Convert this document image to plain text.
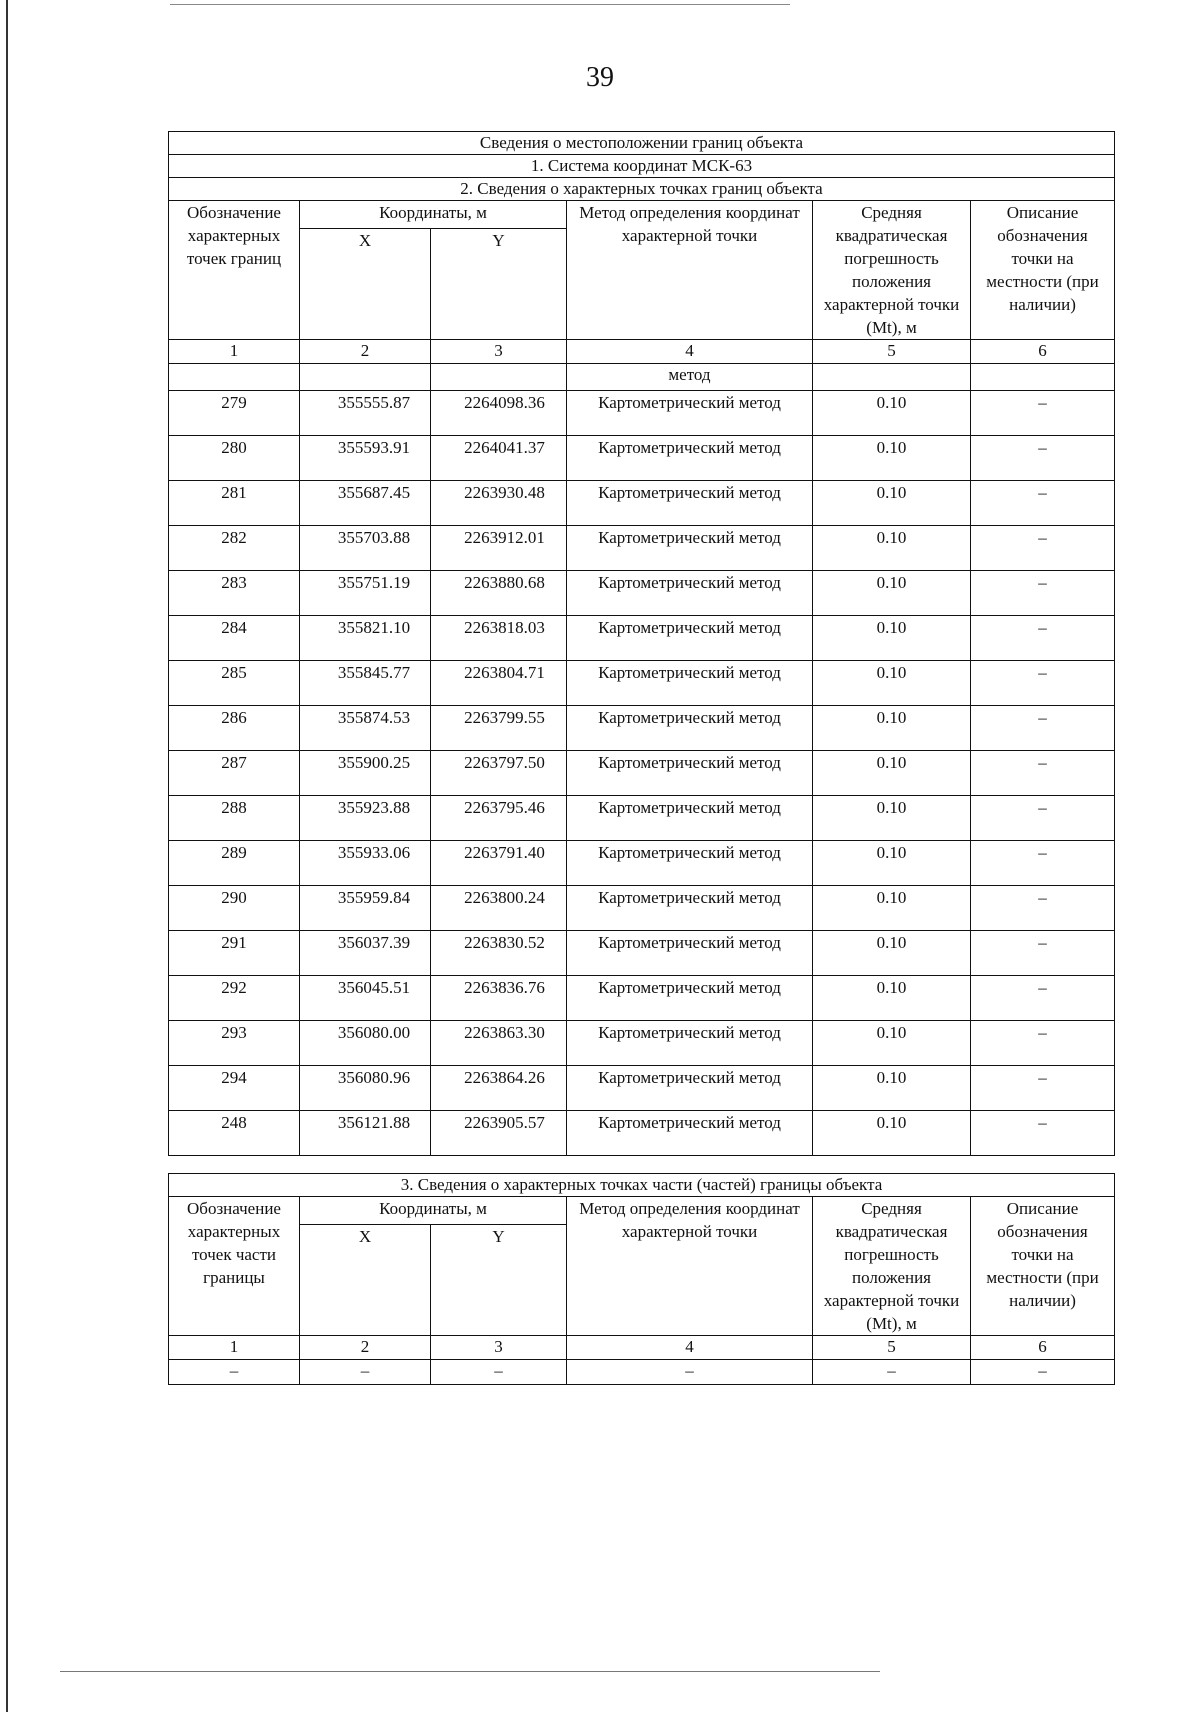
39
Сведения о местоположении границ объекта					
1. Система координат МСК-63					
2. Сведения о характерных точках границ объекта					
Обозначение характерных точек границ	Координаты, м		Метод определения координат характерной точки	Средняя квадратическая погрешность положения характерной точки (Mt), м	Описание обозначения точки на местности (при наличии)
	X	Y			
1	2	3	4	5	6
			метод		
279	355555.87	2264098.36	Картометрический метод	0.10	–
280	355593.91	2264041.37	Картометрический метод	0.10	–
281	355687.45	2263930.48	Картометрический метод	0.10	–
282	355703.88	2263912.01	Картометрический метод	0.10	–
283	355751.19	2263880.68	Картометрический метод	0.10	–
284	355821.10	2263818.03	Картометрический метод	0.10	–
285	355845.77	2263804.71	Картометрический метод	0.10	–
286	355874.53	2263799.55	Картометрический метод	0.10	–
287	355900.25	2263797.50	Картометрический метод	0.10	–
288	355923.88	2263795.46	Картометрический метод	0.10	–
289	355933.06	2263791.40	Картометрический метод	0.10	–
290	355959.84	2263800.24	Картометрический метод	0.10	–
291	356037.39	2263830.52	Картометрический метод	0.10	–
292	356045.51	2263836.76	Картометрический метод	0.10	–
293	356080.00	2263863.30	Картометрический метод	0.10	–
294	356080.96	2263864.26	Картометрический метод	0.10	–
248	356121.88	2263905.57	Картометрический метод	0.10	–
3. Сведения о характерных точках части (частей) границы объекта					
Обозначение характерных точек части границы	Координаты, м		Метод определения координат характерной точки	Средняя квадратическая погрешность положения характерной точки (Mt), м	Описание обозначения точки на местности (при наличии)
	X	Y			
1	2	3	4	5	6
–	–	–	–	–	–
